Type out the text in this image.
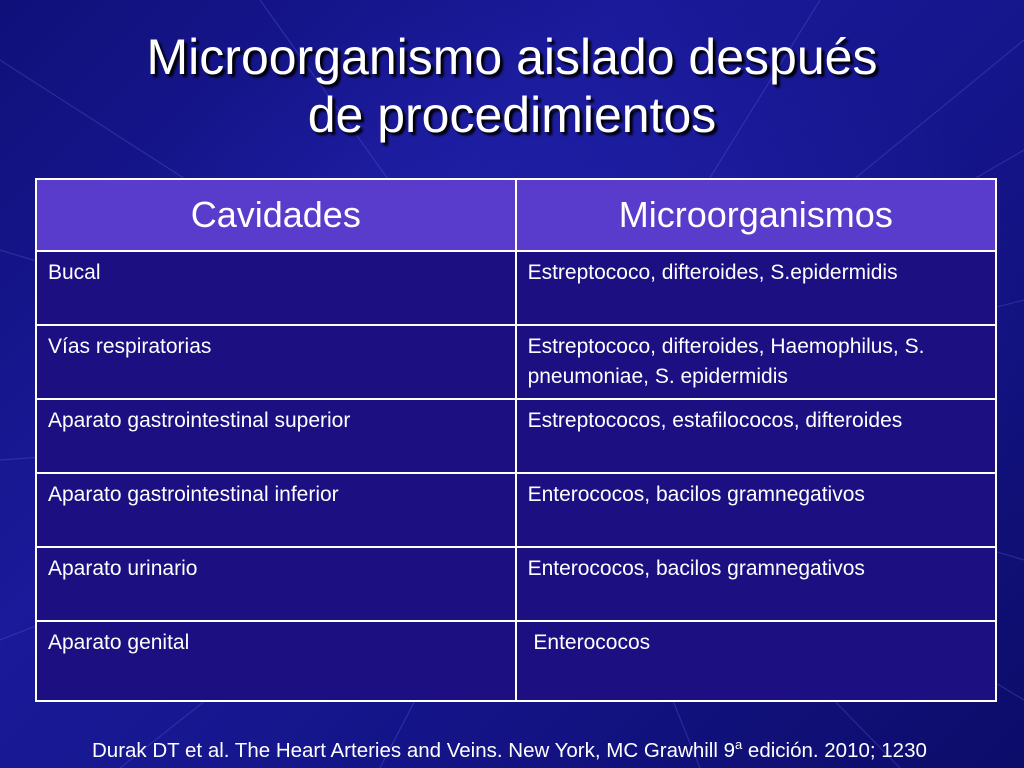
Microorganismo aislado después
de procedimientos
Cavidades	Microorganismos
Bucal	Estreptococo, difteroides, S.epidermidis
Vías respiratorias	Estreptococo, difteroides, Haemophilus, S. pneumoniae, S. epidermidis
Aparato gastrointestinal superior	Estreptococos, estafilococos, difteroides
Aparato gastrointestinal inferior	Enterococos, bacilos gramnegativos
Aparato urinario	Enterococos, bacilos gramnegativos
Aparato genital	Enterococos
Durak DT et al. The Heart Arteries and Veins. New York, MC Grawhill 9$^a$ edición. 2010; 1230
